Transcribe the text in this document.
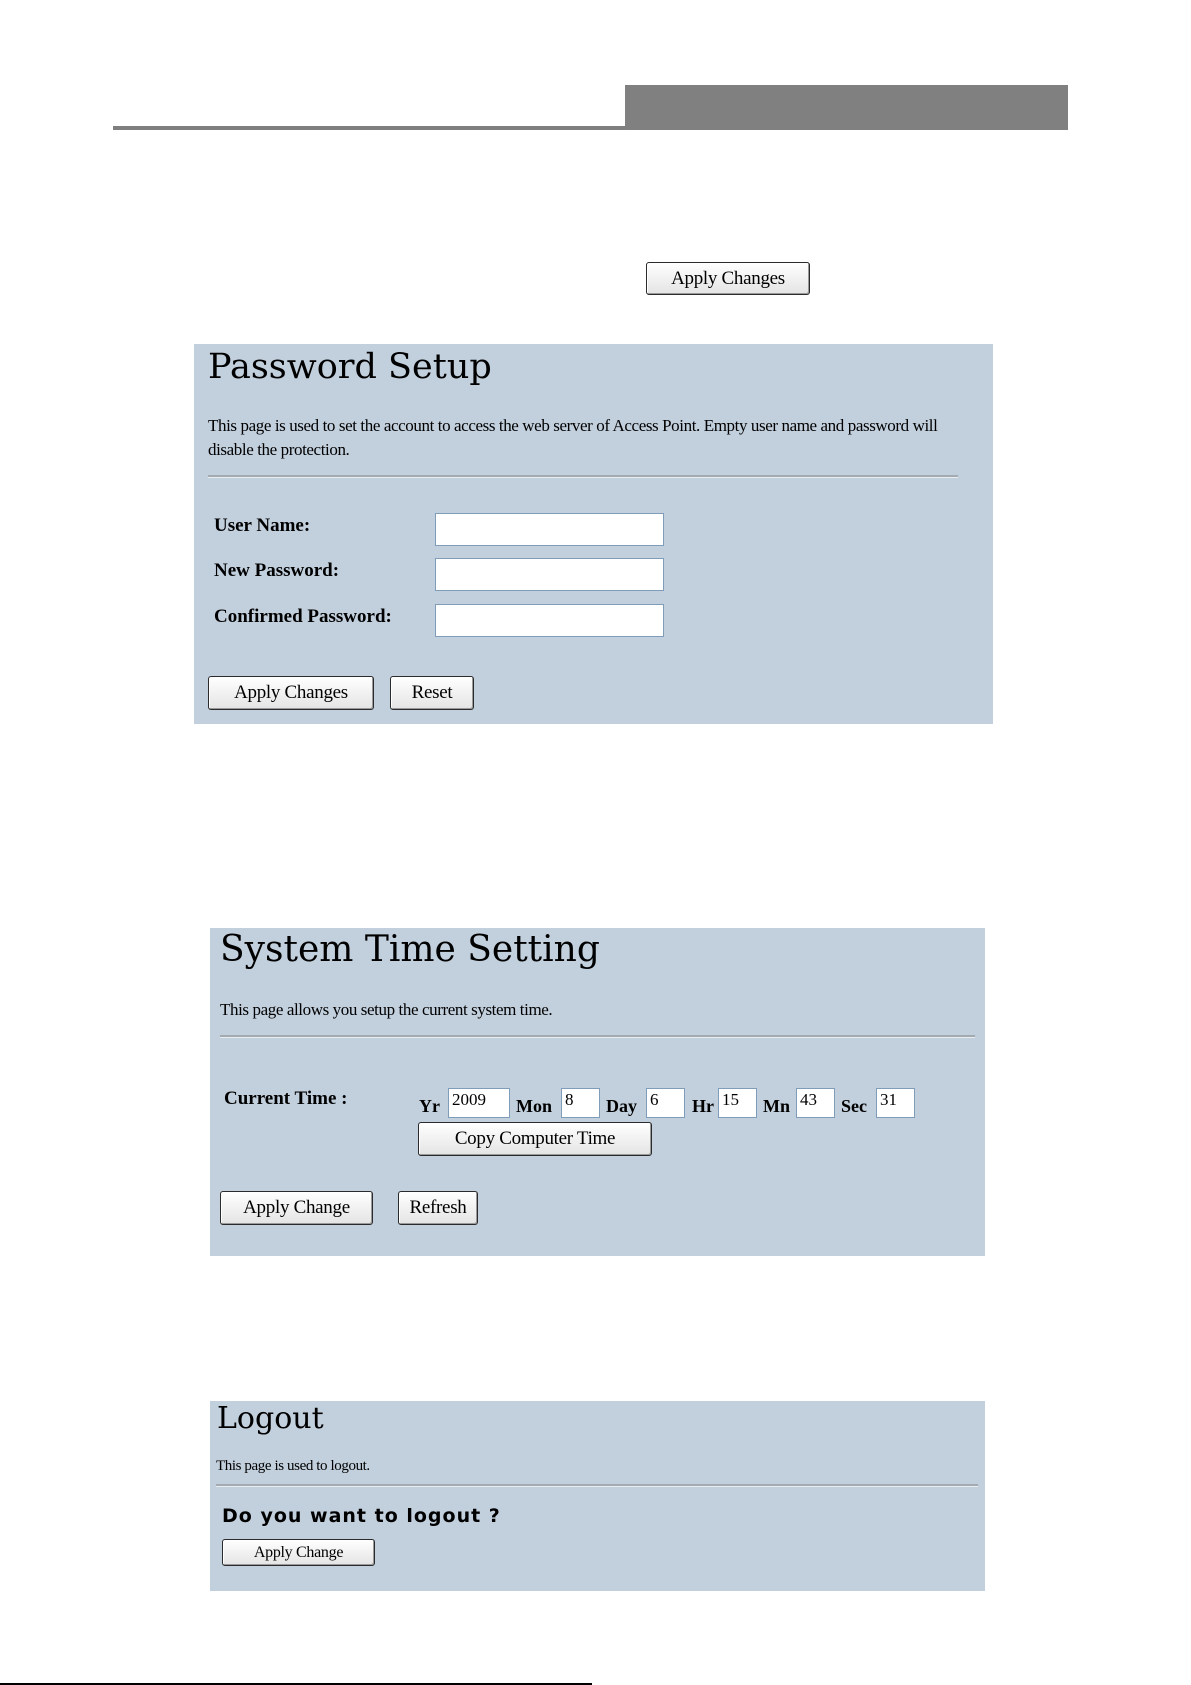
Apply Changes
Password Setup
This page is used to set the account to access the web server of Access Point. Empty user name and password will disable the protection.
User Name:
New Password:
Confirmed Password:
Apply Changes	Reset
System Time Setting
This page allows you setup the current system time.
Current Time :	Yr 2009	Mon 8	Day 6	Hr 15	Mn 43	Sec 31
Copy Computer Time
Apply Change	Refresh
Logout
This page is used to logout.
Do you want to logout ?
Apply Change
